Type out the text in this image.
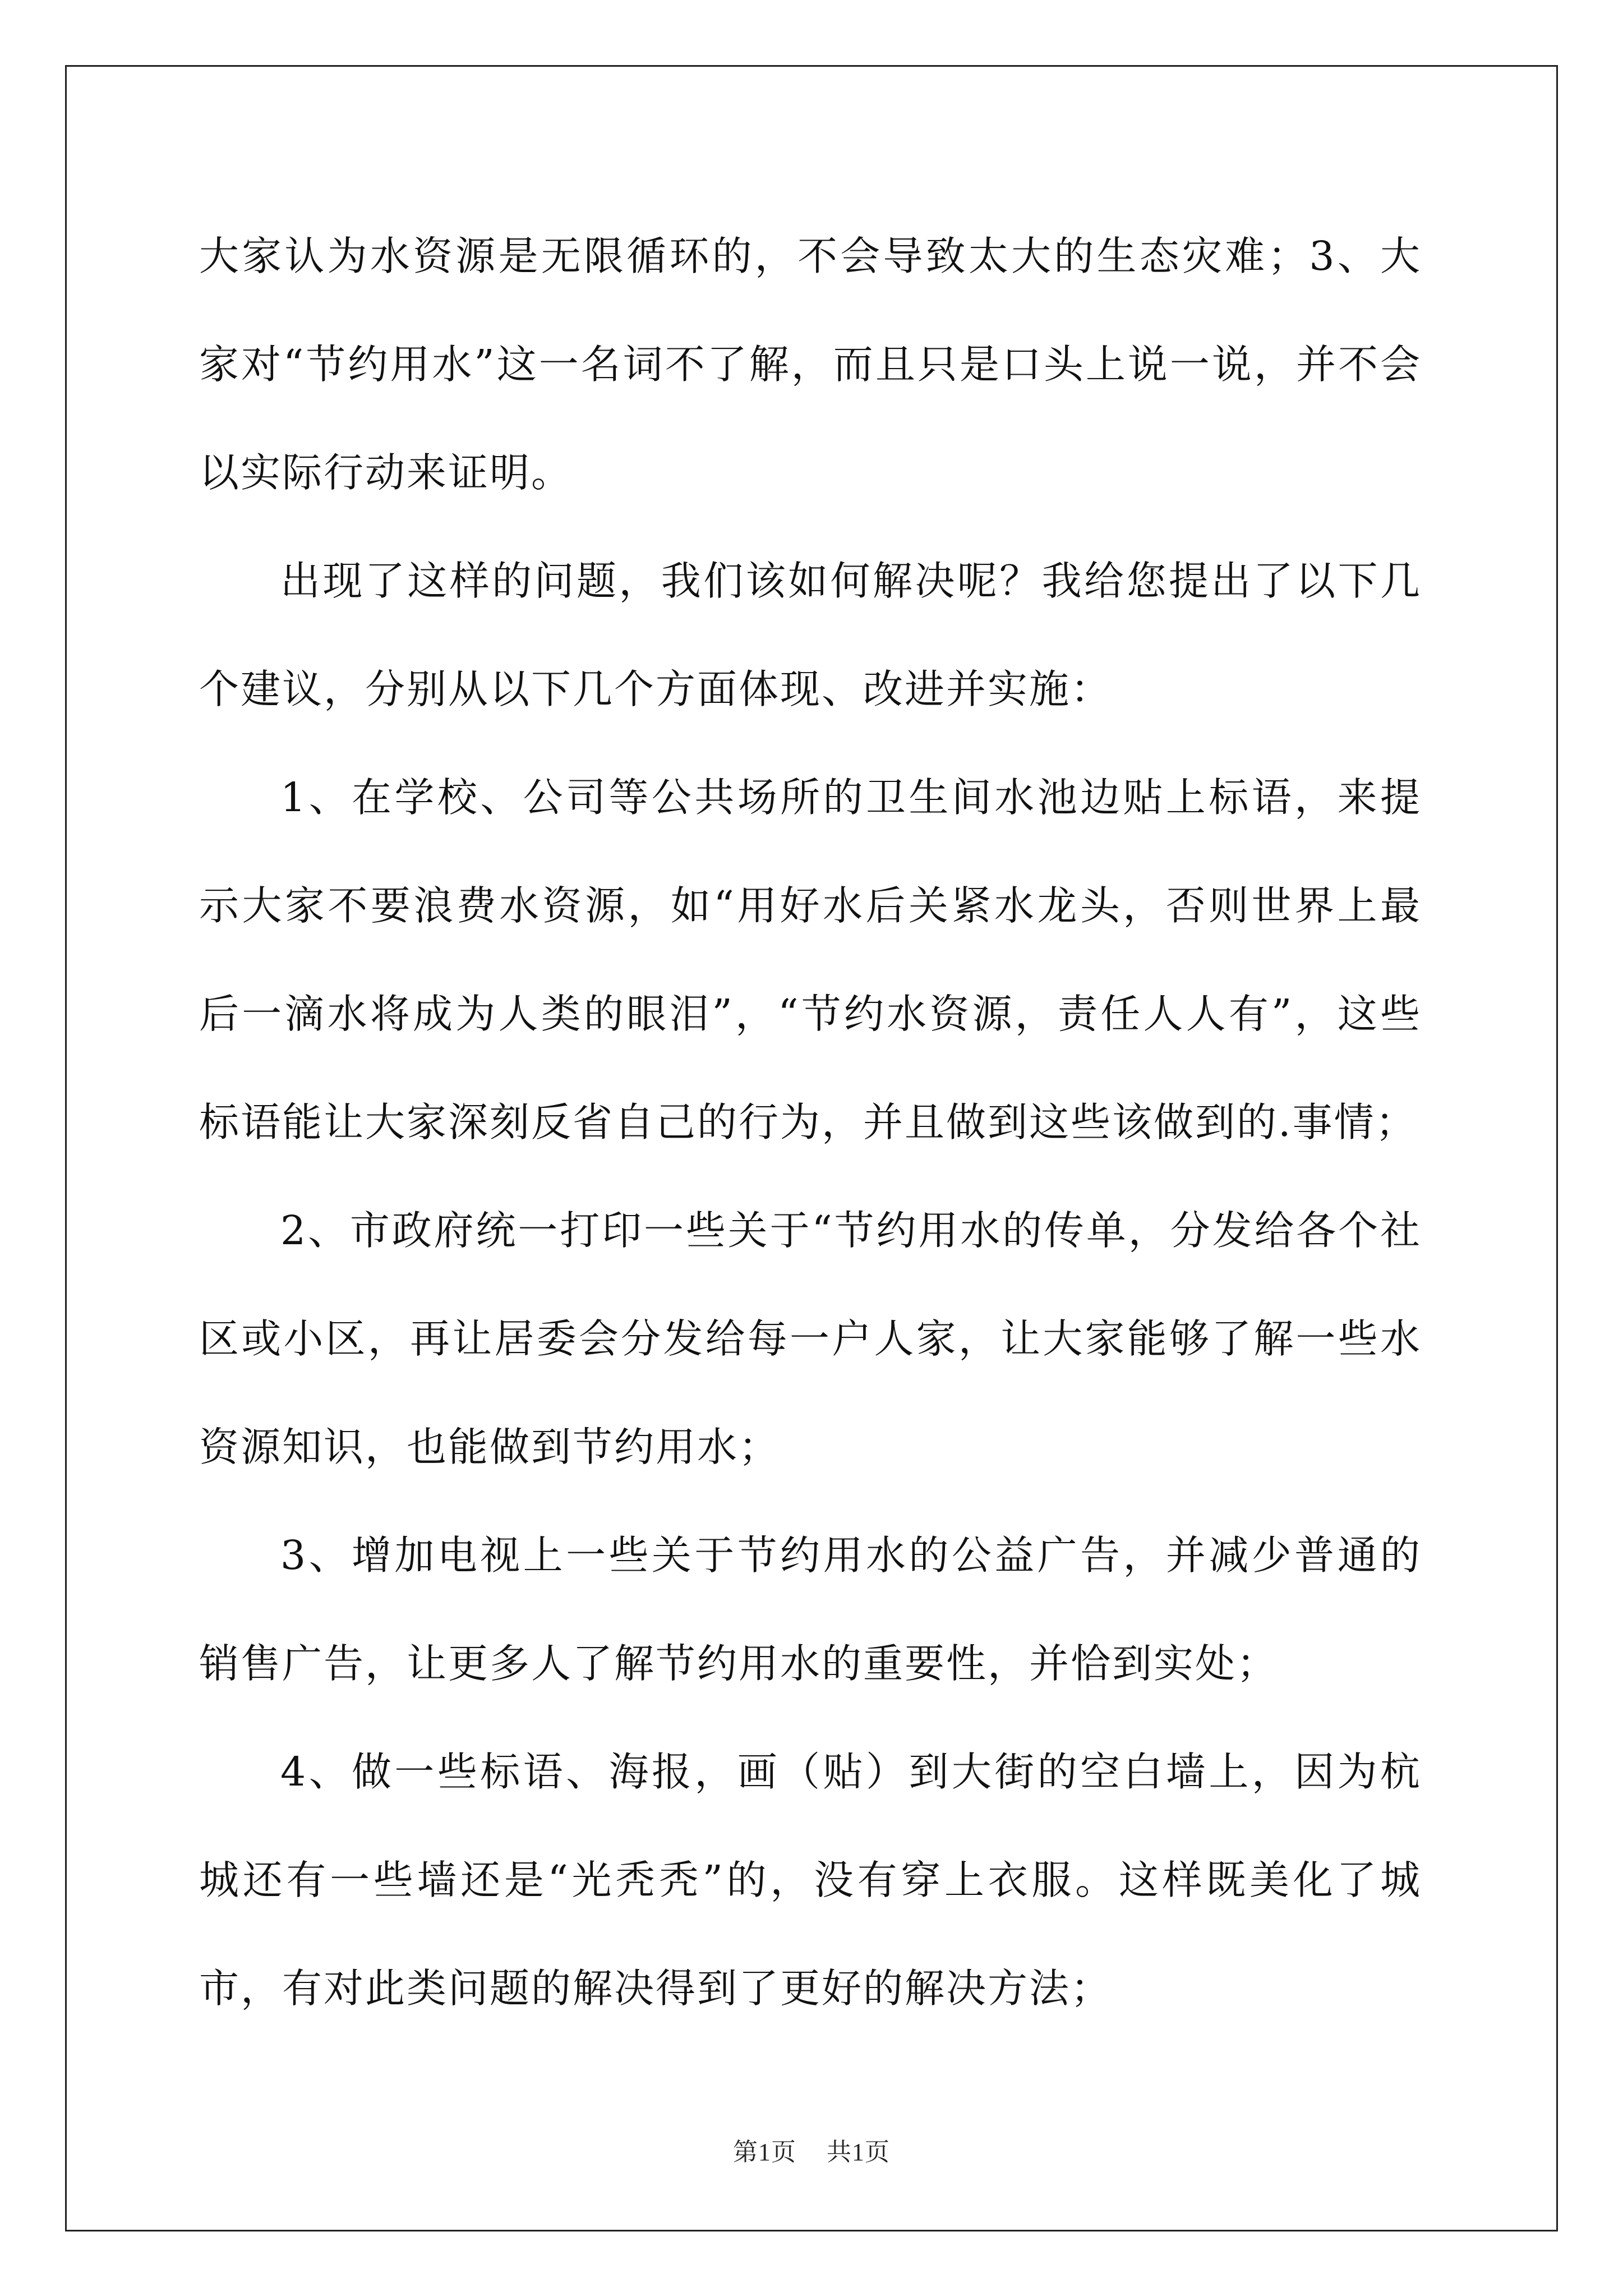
大家认为水资源是无限循环的，不会导致太大的生态灾难；3、大家对“节约用水”这一名词不了解，而且只是口头上说一说，并不会以实际行动来证明。

出现了这样的问题，我们该如何解决呢？我给您提出了以下几个建议，分别从以下几个方面体现、改进并实施：

1、在学校、公司等公共场所的卫生间水池边贴上标语，来提示大家不要浪费水资源，如“用好水后关紧水龙头，否则世界上最后一滴水将成为人类的眼泪”，“节约水资源，责任人人有”，这些标语能让大家深刻反省自己的行为，并且做到这些该做到的.事情；

2、市政府统一打印一些关于“节约用水的传单，分发给各个社区或小区，再让居委会分发给每一户人家，让大家能够了解一些水资源知识，也能做到节约用水；

3、增加电视上一些关于节约用水的公益广告，并减少普通的销售广告，让更多人了解节约用水的重要性，并恰到实处；

4、做一些标语、海报，画（贴）到大街的空白墙上，因为杭城还有一些墙还是“光秃秃”的，没有穿上衣服。这样既美化了城市，有对此类问题的解决得到了更好的解决方法；

第1页 共1页
